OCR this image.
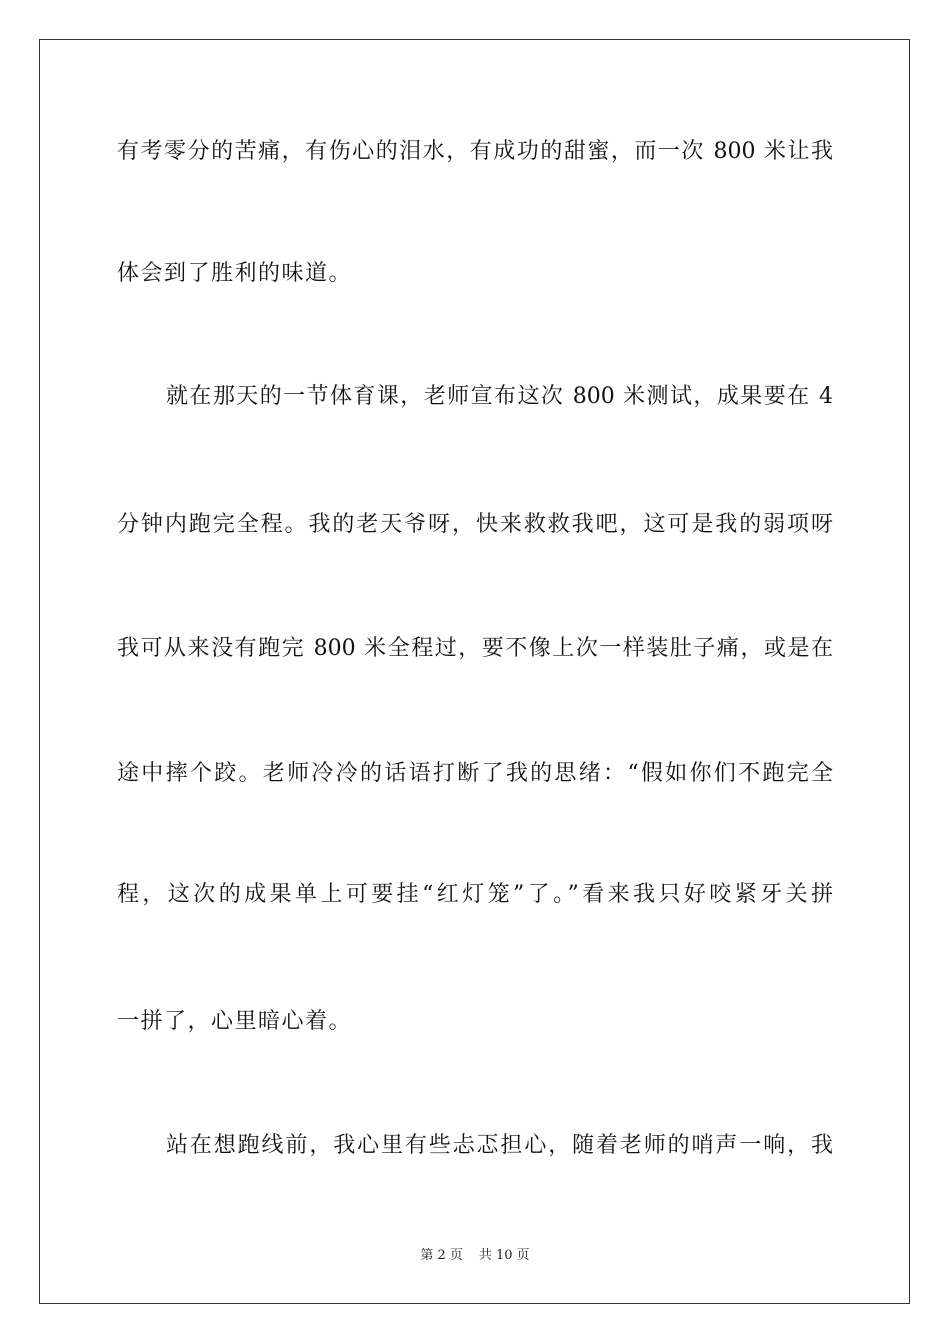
有考零分的苦痛，有伤心的泪水，有成功的甜蜜，而一次 800 米让我
体会到了胜利的味道。
就在那天的一节体育课，老师宣布这次 800 米测试，成果要在 4
分钟内跑完全程。我的老天爷呀，快来救救我吧，这可是我的弱项呀
我可从来没有跑完 800 米全程过，要不像上次一样装肚子痛，或是在
途中摔个跤。老师冷冷的话语打断了我的思绪：“假如你们不跑完全
程，这次的成果单上可要挂“红灯笼”了。”看来我只好咬紧牙关拼
一拼了，心里暗心着。
站在想跑线前，我心里有些忐忑担心，随着老师的哨声一响，我
第 2 页 共 10 页
